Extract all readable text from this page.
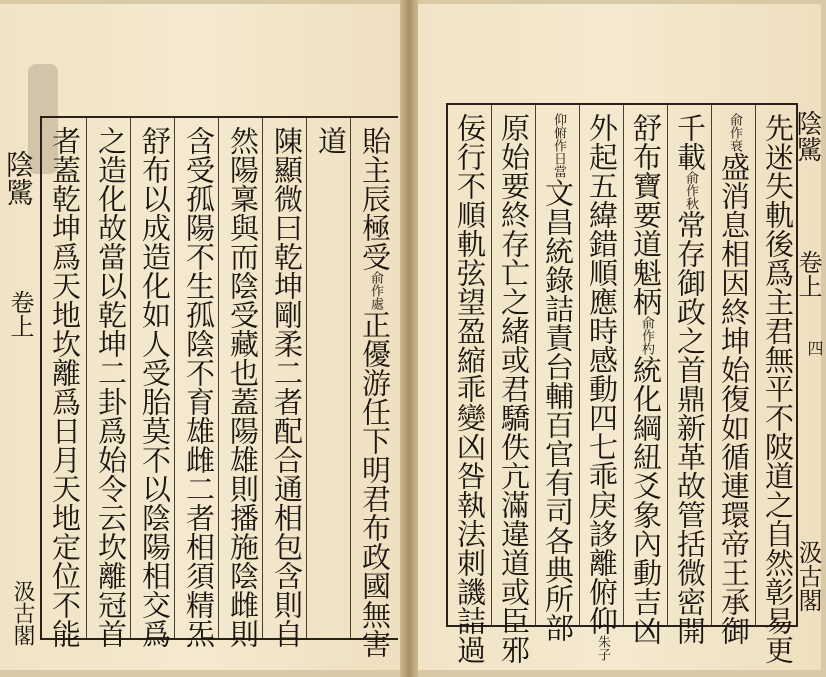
陰騭
卷上
汲古閣
貽主辰極受俞作處正優游任下明君布政國無害
道
陳顯微曰乾坤剛柔二者配合通相包含則自
然陽稟與而陰受藏也蓋陽雄則播施陰雌則
含受孤陽不生孤陰不育雄雌二者相須精炁
舒布以成造化如人受胎莫不以陰陽相交爲
之造化故當以乾坤二卦爲始令云坎離冠首
者蓋乾坤爲天地坎離爲日月天地定位不能	先迷失軌後爲主君無平不陂道之自然彰易更
俞作衰盛消息相因終坤始復如循連環帝王承御
千載俞作秋常存御政之首鼎新革故管括微密開
舒布寶要道魁柄俞作杓統化綱紐爻象內動吉凶
外起五緯錯順應時感動四七乖戾誃離俯仰朱子
仰俯作日當文昌統錄詰責台輔百官有司各典所部
原始要終存亡之緒或君驕佚亢滿違道或臣邪
佞行不順軌弦望盈縮乖變凶咎執法刺譏詰過	陰騭
卷上
四
汲古閣
